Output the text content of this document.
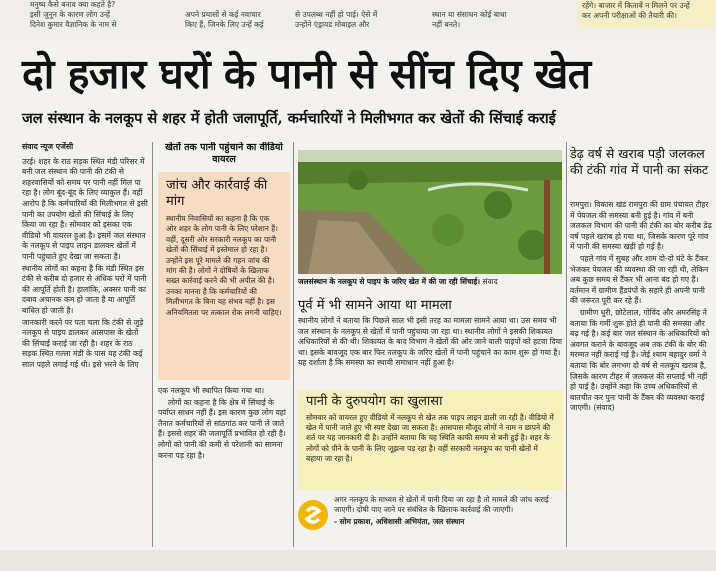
मनुष्य कैसे बनाव क्या कहते है?
इसी जुनून के कारण लोग उन्हें
दिनेश कुमार वैज्ञानिक के नाम से
अपने प्रयासों से कई नवाचार
किए हैं, जिनके लिए उन्हें कई
से उपलब्ध नहीं हो पाई। ऐसे में
उन्होंने एंड्रायड मोबाइल और
स्थान या संसाधन कोई बाधा
नहीं बनते।
रहेंगे। बाजार में किताबें न मिलने पर उन्हें
कर अपनी परीक्षाओं की तैयारी की।
दो हजार घरों के पानी से सींच दिए खेत
जल संस्थान के नलकूप से शहर में होती जलापूर्ति, कर्मचारियों ने मिलीभगत कर खेतों की सिंचाई कराई

संवाद न्यूज एजेंसी

उरई। शहर के राठ सड़क स्थित मंडी परिसर में बनी जल संस्थान की पानी की टंकी से शहरवासियों को समय पर पानी नहीं मिल पा रहा है। लोग बूंद-बूंद के लिए व्याकुल हैं। वहीं आरोप है कि कर्मचारियों की मिलीभगत से इसी पानी का उपयोग खेतों की सिंचाई के लिए किया जा रहा है। सोमवार को इसका एक वीडियो भी वायरल हुआ है। इसमें जल संस्थान के नलकूप से पाइप लाइन डालकर खेतों में पानी पहुंचाते हुए देखा जा सकता है।

स्थानीय लोगों का कहना है कि मंडी स्थित इस टंकी से करीब दो हजार से अधिक घरों में पानी की आपूर्ति होती है। हालांकि, अक्सर पानी का दबाव अचानक कम हो जाता है या आपूर्ति बाधित हो जाती है।

जानकारी करने पर पता चला कि टंकी से जुड़े नलकूप से पाइप डालकर आसपास के खेतों की सिंचाई कराई जा रही है। शहर के राठ सड़क स्थित गल्ला मंडी के पास यह टंकी कई साल पहले लगाई गई थी। इसे भरने के लिए

खेतों तक पानी पहुंचाने का वीडियो वायरल
जांच और कार्रवाई की मांग
स्थानीय निवासियों का कहना है कि एक ओर शहर के लोग पानी के लिए परेशान हैं। वहीं, दूसरी ओर सरकारी नलकूप का पानी खेतों की सिंचाई में इस्तेमाल हो रहा है। उन्होंने इस पूरे मामले की गहन जांच की मांग की है। लोगों ने दोषियों के खिलाफ सख्त कार्रवाई करने की भी अपील की है। उनका मानना है कि कर्मचारियों की मिलीभगत के बिना यह संभव नहीं है। इस अनियमितता पर तत्काल रोक लगनी चाहिए।

एक नलकूप भी स्थापित किया गया था।

लोगों का कहना है कि क्षेत्र में सिंचाई के पर्याप्त साधन नहीं हैं। इस कारण कुछ लोग वहां तैनात कर्मचारियों से सांठगांठ कर पानी ले जाते हैं। इससे शहर की जलापूर्ति प्रभावित हो रही है। लोगों को पानी की कमी से परेशानी का सामना करना पड़ रहा है।

जलसंस्थान के नलकूप से पाइप के जरिए खेत में की जा रही सिंचाई। संवाद
पूर्व में भी सामने आया था मामला
स्थानीय लोगों ने बताया कि पिछले साल भी इसी तरह का मामला सामने आया था। उस समय भी जल संस्थान के नलकूप से खेतों में पानी पहुंचाया जा रहा था। स्थानीय लोगों ने इसकी शिकायत अधिकारियों से की थी। शिकायत के बाद विभाग ने खेतों की ओर जाने वाली पाइपों को हटवा दिया था। इसके बावजूद एक बार फिर नलकूप के जरिए खेतों में पानी पहुंचाने का काम शुरू हो गया है। यह दर्शाता है कि समस्या का स्थायी समाधान नहीं हुआ है।
पानी के दुरुपयोग का खुलासा
सोमवार को वायरल हुए वीडियो में नलकूप से खेत तक पाइप लाइन डाली जा रही है। वीडियो में खेत में पानी जाते हुए भी स्पष्ट देखा जा सकता है। आसपास मौजूद लोगों ने नाम न छापने की शर्त पर यह जानकारी दी है। उन्होंने बताया कि यह स्थिति काफी समय से बनी हुई है। शहर के लोगों को पीने के पानी के लिए जूझना पड़ रहा है। वहीं सरकारी नलकूप का पानी खेतों में बहाया जा रहा है।
अगर नलकूप के माध्यम से खेतों में पानी दिया जा रहा है तो मामले की जांच कराई जाएगी। दोषी पाए जाने पर संबंधित के खिलाफ कार्रवाई की जाएगी।
- सोम प्रकाश, अधिशासी अभियंता, जल संस्थान
डेढ़ वर्ष से खराब पड़ी जलकल की टंकी गांव में पानी का संकट

रामपुरा। विकास खंड रामपुरा की ग्राम पंचायत टीहर में पेयजल की समस्या बनी हुई है। गांव में बनी जलकल विभाग की पानी की टंकी का बोर करीब डेढ़ वर्ष पहले खराब हो गया था, जिसके कारण पूरे गांव में पानी की समस्या खड़ी हो गई है।

पहले गांव में सुबह और शाम दो-दो घंटे के टैंकर भेजकर पेयजल की व्यवस्था की जा रही थी, लेकिन अब कुछ समय से टैंकर भी आना बंद हो गए हैं। वर्तमान में ग्रामीण हैंडपंपों के सहारे ही अपनी पानी की जरूरत पूरी कर रहे हैं।

ग्रामीण धुरी, छोटेलाल, गोविंद और अमरसिंह ने बताया कि गर्मी शुरू होते ही पानी की समस्या और बढ़ गई है। कई बार जल संस्थान के अधिकारियों को अवगत कराने के बावजूद अब तक टंकी के बोर की मरम्मत नहीं कराई गई है। जेई श्याम बहादुर वर्मा ने बताया कि बोर लगभग दो वर्ष से नलकूप खराब है, जिसके कारण टीहर में जलकल की सप्लाई भी नहीं हो पाई है। उन्होंने कहा कि उच्च अधिकारियों से बातचीत कर पुनः पानी के टैंकर की व्यवस्था कराई जाएगी। (संवाद)
